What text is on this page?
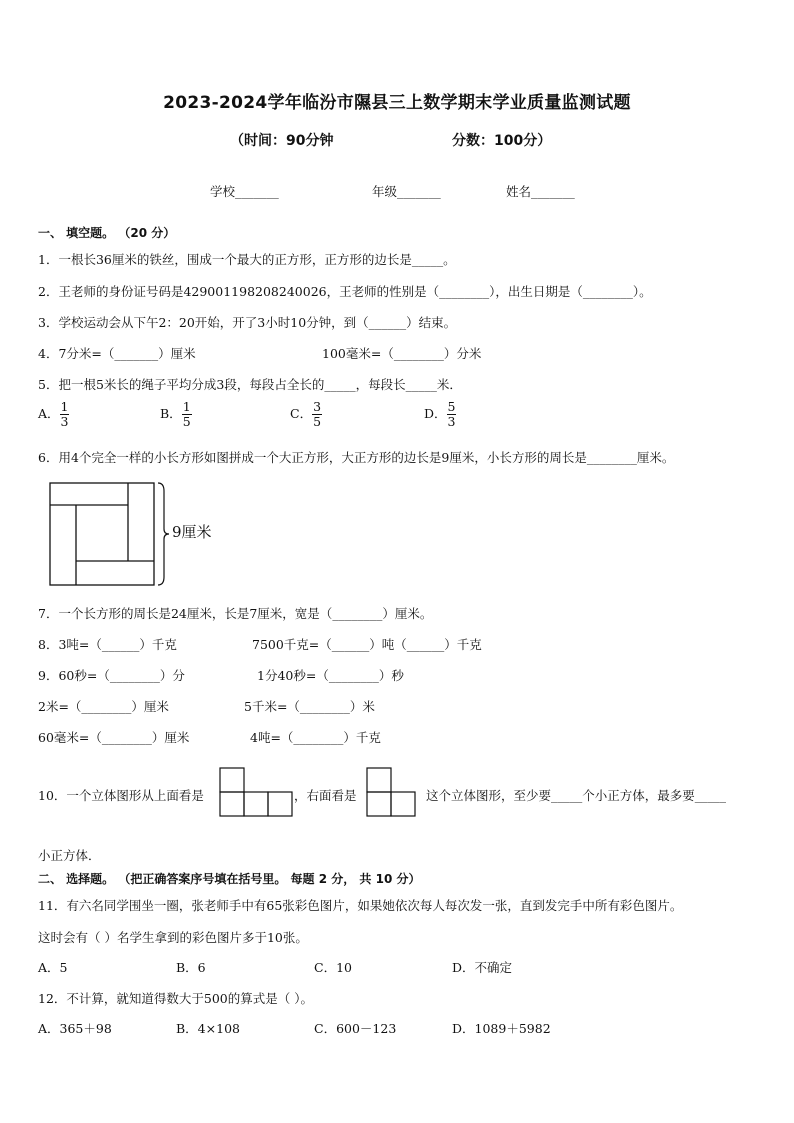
2023-2024学年临汾市隰县三上数学期末学业质量监测试题
（时间：90分钟	分数：100分）
学校_______	年级_______	姓名_______
一、 填空题。 （20 分）
1．一根长36厘米的铁丝，围成一个最大的正方形，正方形的边长是_____。
2．王老师的身份证号码是429001198208240026，王老师的性别是（________），出生日期是（________）。
3．学校运动会从下午2：20开始，开了3小时10分钟，到（______）结束。
4．7分米=（_______）厘米	100毫米=（________）分米
5．把一根5米长的绳子平均分成3段，每段占全长的_____，每段长_____米．
A． $\frac{1}{3}$	B． $\frac{1}{5}$	C． $\frac{3}{5}$	D． $\frac{5}{3}$
6．用4个完全一样的小长方形如图拼成一个大正方形，大正方形的边长是9厘米，小长方形的周长是________厘米。
9厘米
7．一个长方形的周长是24厘米，长是7厘米，宽是（________）厘米。
8．3吨=（______）千克	7500千克=（______）吨（______）千克
9．60秒=（________）分	1分40秒=（________）秒
2米=（________）厘米	5千米=（________）米
60毫米=（________）厘米	4吨=（________）千克
10．一个立体图形从上面看是	，右面看是	这个立体图形，至少要_____个小正方体，最多要_____
小正方体．
二、 选择题。 （把正确答案序号填在括号里。 每题 2 分， 共 10 分）
11．有六名同学围坐一圈，张老师手中有65张彩色图片，如果她依次每人每次发一张，直到发完手中所有彩色图片。
这时会有（ ）名学生拿到的彩色图片多于10张。
A．5	B．6	C．10	D．不确定
12．不计算，就知道得数大于500的算式是（ ）。
A．365＋98	B．4×108	C．600－123	D．1089＋5982
